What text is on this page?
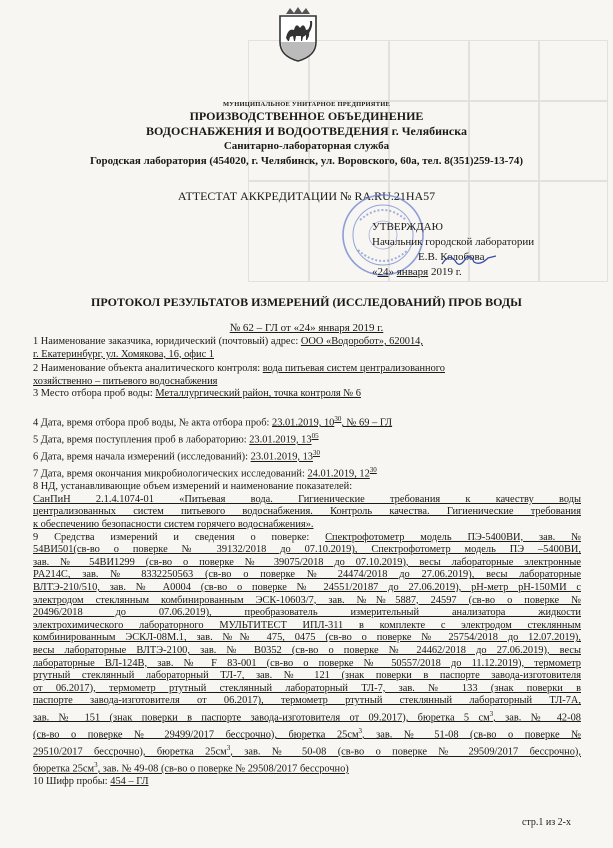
МУНИЦИПАЛЬНОЕ УНИТАРНОЕ ПРЕДПРИЯТИЕ
ПРОИЗВОДСТВЕННОЕ ОБЪЕДИНЕНИЕ
ВОДОСНАБЖЕНИЯ И ВОДООТВЕДЕНИЯ г. Челябинска
Санитарно-лабораторная служба
Городская лаборатория (454020, г. Челябинск, ул. Воровского, 60а, тел. 8(351)259-13-74)
АТТЕСТАТ АККРЕДИТАЦИИ № RA.RU.21НА57
УТВЕРЖДАЮ
Начальник городской лаборатории
Е.В. Колобова
«24» января 2019 г.
ПРОТОКОЛ РЕЗУЛЬТАТОВ ИЗМЕРЕНИЙ (ИССЛЕДОВАНИЙ) ПРОБ ВОДЫ
№ 62 – ГЛ от «24» января 2019 г.
1 Наименование заказчика, юридический (почтовый) адрес: ООО «Водоробот», 620014,
г. Екатеринбург, ул. Хомякова, 16, офис 1
2 Наименование объекта аналитического контроля: вода питьевая систем централизованного
хозяйственно – питьевого водоснабжения
3 Место отбора проб воды: Металлургический район, точка контроля № 6
4 Дата, время отбора проб воды, № акта отбора проб: 23.01.2019, $10^{30}$, № 69 – ГЛ
5 Дата, время поступления проб в лабораторию: 23.01.2019, $13^{05}$
6 Дата, время начала измерений (исследований): 23.01.2019, $13^{30}$
7 Дата, время окончания микробиологических исследований: 24.01.2019, $12^{30}$
8 НД, устанавливающие объем измерений и наименование показателей:
СанПиН 2.1.4.1074-01 «Питьевая вода. Гигиенические требования к качеству воды
централизованных систем питьевого водоснабжения. Контроль качества. Гигиенические требования
к обеспечению безопасности систем горячего водоснабжения».
9 Средства измерений и сведения о поверке: Спектрофотометр модель ПЭ-5400ВИ, зав. №
54ВИ501(св-во о поверке № 39132/2018 до 07.10.2019), Спектрофотометр модель ПЭ –5400ВИ,
зав. № 54ВИ1299 (св-во о поверке № 39075/2018 до 07.10.2019), весы лабораторные электронные
PA214C, зав. № 8332250563 (св-во о поверке № 24474/2018 до 27.06.2019), весы лабораторные
ВЛТЭ-210/510, зав. № А0004 (св-во о поверке № 24551/20187 до 27.06.2019), pH-метр pH-150МИ с
электродом стеклянным комбинированным ЭСК-10603/7, зав. №№5887, 24597 (св-во о поверке №
20496/2018 до 07.06.2019), преобразователь измерительный анализатора жидкости
электрохимического лабораторного МУЛЬТИТЕСТ ИПЛ-311 в комплекте с электродом стеклянным
комбинированным ЭСКЛ-08М.1, зав. №№ 475, 0475 (св-во о поверке № 25754/2018 до 12.07.2019),
весы лабораторные ВЛТЭ-2100, зав. № В0352 (св-во о поверке № 24462/2018 до 27.06.2019), весы
лабораторные ВЛ-124В, зав. № F 83-001 (св-во о поверке № 50557/2018 до 11.12.2019), термометр
ртутный стеклянный лабораторный ТЛ-7, зав. № 121 (знак поверки в паспорте завода-изготовителя
от 06.2017), термометр ртутный стеклянный лабораторный ТЛ-7, зав. № 133 (знак поверки в
паспорте завода-изготовителя от 06.2017), термометр ртутный стеклянный лабораторный ТЛ-7А,
зав. № 151 (знак поверки в паспорте завода-изготовителя от 09.2017), бюретка 5 $см^3$, зав. № 42-08
(св-во о поверке № 29499/2017 бессрочно), бюретка $25см^3$, зав. № 51-08 (св-во о поверке №
29510/2017 бессрочно), бюретка $25см^3$, зав. № 50-08 (св-во о поверке № 29509/2017 бессрочно),
бюретка $25см^3$, зав. № 49-08 (св-во о поверке № 29508/2017 бессрочно)
10 Шифр пробы: 454 – ГЛ
стр.1 из 2-х
